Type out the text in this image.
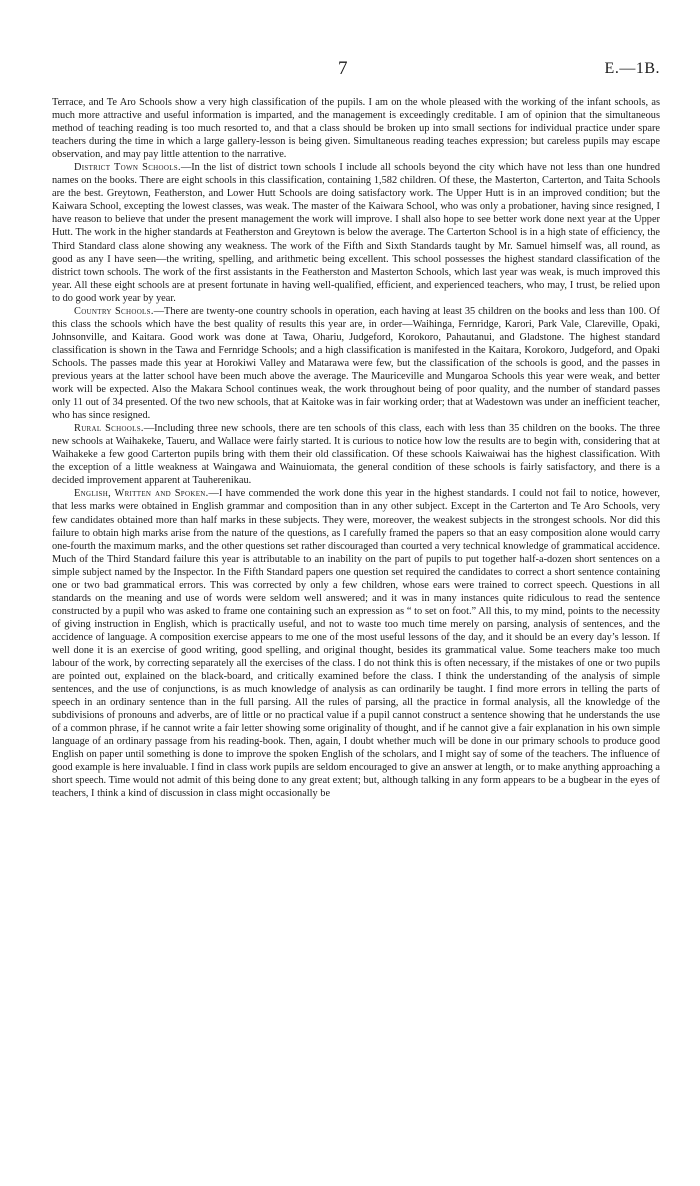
7	E.—1B.

Terrace, and Te Aro Schools show a very high classification of the pupils. I am on the whole pleased with the working of the infant schools, as much more attractive and useful information is imparted, and the management is exceedingly creditable. I am of opinion that the simultaneous method of teaching reading is too much resorted to, and that a class should be broken up into small sections for individual practice under spare teachers during the time in which a large gallery-lesson is being given. Simultaneous reading teaches expression; but careless pupils may escape observation, and may pay little attention to the narrative.

District Town Schools.—In the list of district town schools I include all schools beyond the city which have not less than one hundred names on the books. There are eight schools in this classification, containing 1,582 children. Of these, the Masterton, Carterton, and Taita Schools are the best. Greytown, Featherston, and Lower Hutt Schools are doing satisfactory work. The Upper Hutt is in an improved condition; but the Kaiwara School, excepting the lowest classes, was weak. The master of the Kaiwara School, who was only a probationer, having since resigned, I have reason to believe that under the present management the work will improve. I shall also hope to see better work done next year at the Upper Hutt. The work in the higher standards at Featherston and Greytown is below the average. The Carterton School is in a high state of efficiency, the Third Standard class alone showing any weakness. The work of the Fifth and Sixth Standards taught by Mr. Samuel himself was, all round, as good as any I have seen—the writing, spelling, and arithmetic being excellent. This school possesses the highest standard classification of the district town schools. The work of the first assistants in the Featherston and Masterton Schools, which last year was weak, is much improved this year. All these eight schools are at present fortunate in having well-qualified, efficient, and experienced teachers, who may, I trust, be relied upon to do good work year by year.

Country Schools.—There are twenty-one country schools in operation, each having at least 35 children on the books and less than 100. Of this class the schools which have the best quality of results this year are, in order—Waihinga, Fernridge, Karori, Park Vale, Clareville, Opaki, Johnsonville, and Kaitara. Good work was done at Tawa, Ohariu, Judgeford, Korokoro, Pahautanui, and Gladstone. The highest standard classification is shown in the Tawa and Fernridge Schools; and a high classification is manifested in the Kaitara, Korokoro, Judgeford, and Opaki Schools. The passes made this year at Horokiwi Valley and Matarawa were few, but the classification of the schools is good, and the passes in previous years at the latter school have been much above the average. The Mauriceville and Mungaroa Schools this year were weak, and better work will be expected. Also the Makara School continues weak, the work throughout being of poor quality, and the number of standard passes only 11 out of 34 presented. Of the two new schools, that at Kaitoke was in fair working order; that at Wadestown was under an inefficient teacher, who has since resigned.

Rural Schools.—Including three new schools, there are ten schools of this class, each with less than 35 children on the books. The three new schools at Waihakeke, Taueru, and Wallace were fairly started. It is curious to notice how low the results are to begin with, considering that at Waihakeke a few good Carterton pupils bring with them their old classification. Of these schools Kaiwaiwai has the highest classification. With the exception of a little weakness at Waingawa and Wainuiomata, the general condition of these schools is fairly satisfactory, and there is a decided improvement apparent at Tauherenikau.

English, Written and Spoken.—I have commended the work done this year in the highest standards. I could not fail to notice, however, that less marks were obtained in English grammar and composition than in any other subject. Except in the Carterton and Te Aro Schools, very few candidates obtained more than half marks in these subjects. They were, moreover, the weakest subjects in the strongest schools. Nor did this failure to obtain high marks arise from the nature of the questions, as I carefully framed the papers so that an easy composition alone would carry one-fourth the maximum marks, and the other questions set rather discouraged than courted a very technical knowledge of grammatical accidence. Much of the Third Standard failure this year is attributable to an inability on the part of pupils to put together half-a-dozen short sentences on a simple subject named by the Inspector. In the Fifth Standard papers one question set required the candidates to correct a short sentence containing one or two bad grammatical errors. This was corrected by only a few children, whose ears were trained to correct speech. Questions in all standards on the meaning and use of words were seldom well answered; and it was in many instances quite ridiculous to read the sentence constructed by a pupil who was asked to frame one containing such an expression as “ to set on foot.” All this, to my mind, points to the necessity of giving instruction in English, which is practically useful, and not to waste too much time merely on parsing, analysis of sentences, and the accidence of language. A composition exercise appears to me one of the most useful lessons of the day, and it should be an every day’s lesson. If well done it is an exercise of good writing, good spelling, and original thought, besides its grammatical value. Some teachers make too much labour of the work, by correcting separately all the exercises of the class. I do not think this is often necessary, if the mistakes of one or two pupils are pointed out, explained on the black-board, and critically examined before the class. I think the understanding of the analysis of simple sentences, and the use of conjunctions, is as much knowledge of analysis as can ordinarily be taught. I find more errors in telling the parts of speech in an ordinary sentence than in the full parsing. All the rules of parsing, all the practice in formal analysis, all the knowledge of the subdivisions of pronouns and adverbs, are of little or no practical value if a pupil cannot construct a sentence showing that he understands the use of a common phrase, if he cannot write a fair letter showing some originality of thought, and if he cannot give a fair explanation in his own simple language of an ordinary passage from his reading-book. Then, again, I doubt whether much will be done in our primary schools to produce good English on paper until something is done to improve the spoken English of the scholars, and I might say of some of the teachers. The influence of good example is here invaluable. I find in class work pupils are seldom encouraged to give an answer at length, or to make anything approaching a short speech. Time would not admit of this being done to any great extent; but, although talking in any form appears to be a bugbear in the eyes of teachers, I think a kind of discussion in class might occasionally be
